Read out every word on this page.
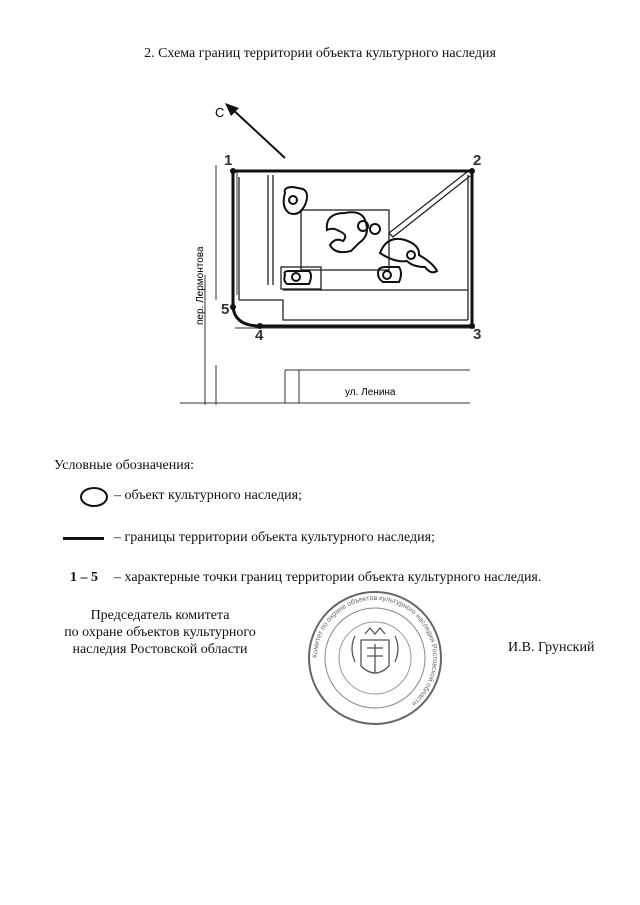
2. Схема границ территории объекта культурного наследия
С
1	2
3
4
5
пер. Лермонтова
ул. Ленина
Условные обозначения:
– объект культурного наследия;
– границы территории объекта культурного наследия;
1 – 5 – характерные точки границ территории объекта культурного наследия.
Председатель комитета
по охране объектов культурного
наследия Ростовской области	Комитет по охране объектов культурного наследия Ростовской области
И.В. Грунский
